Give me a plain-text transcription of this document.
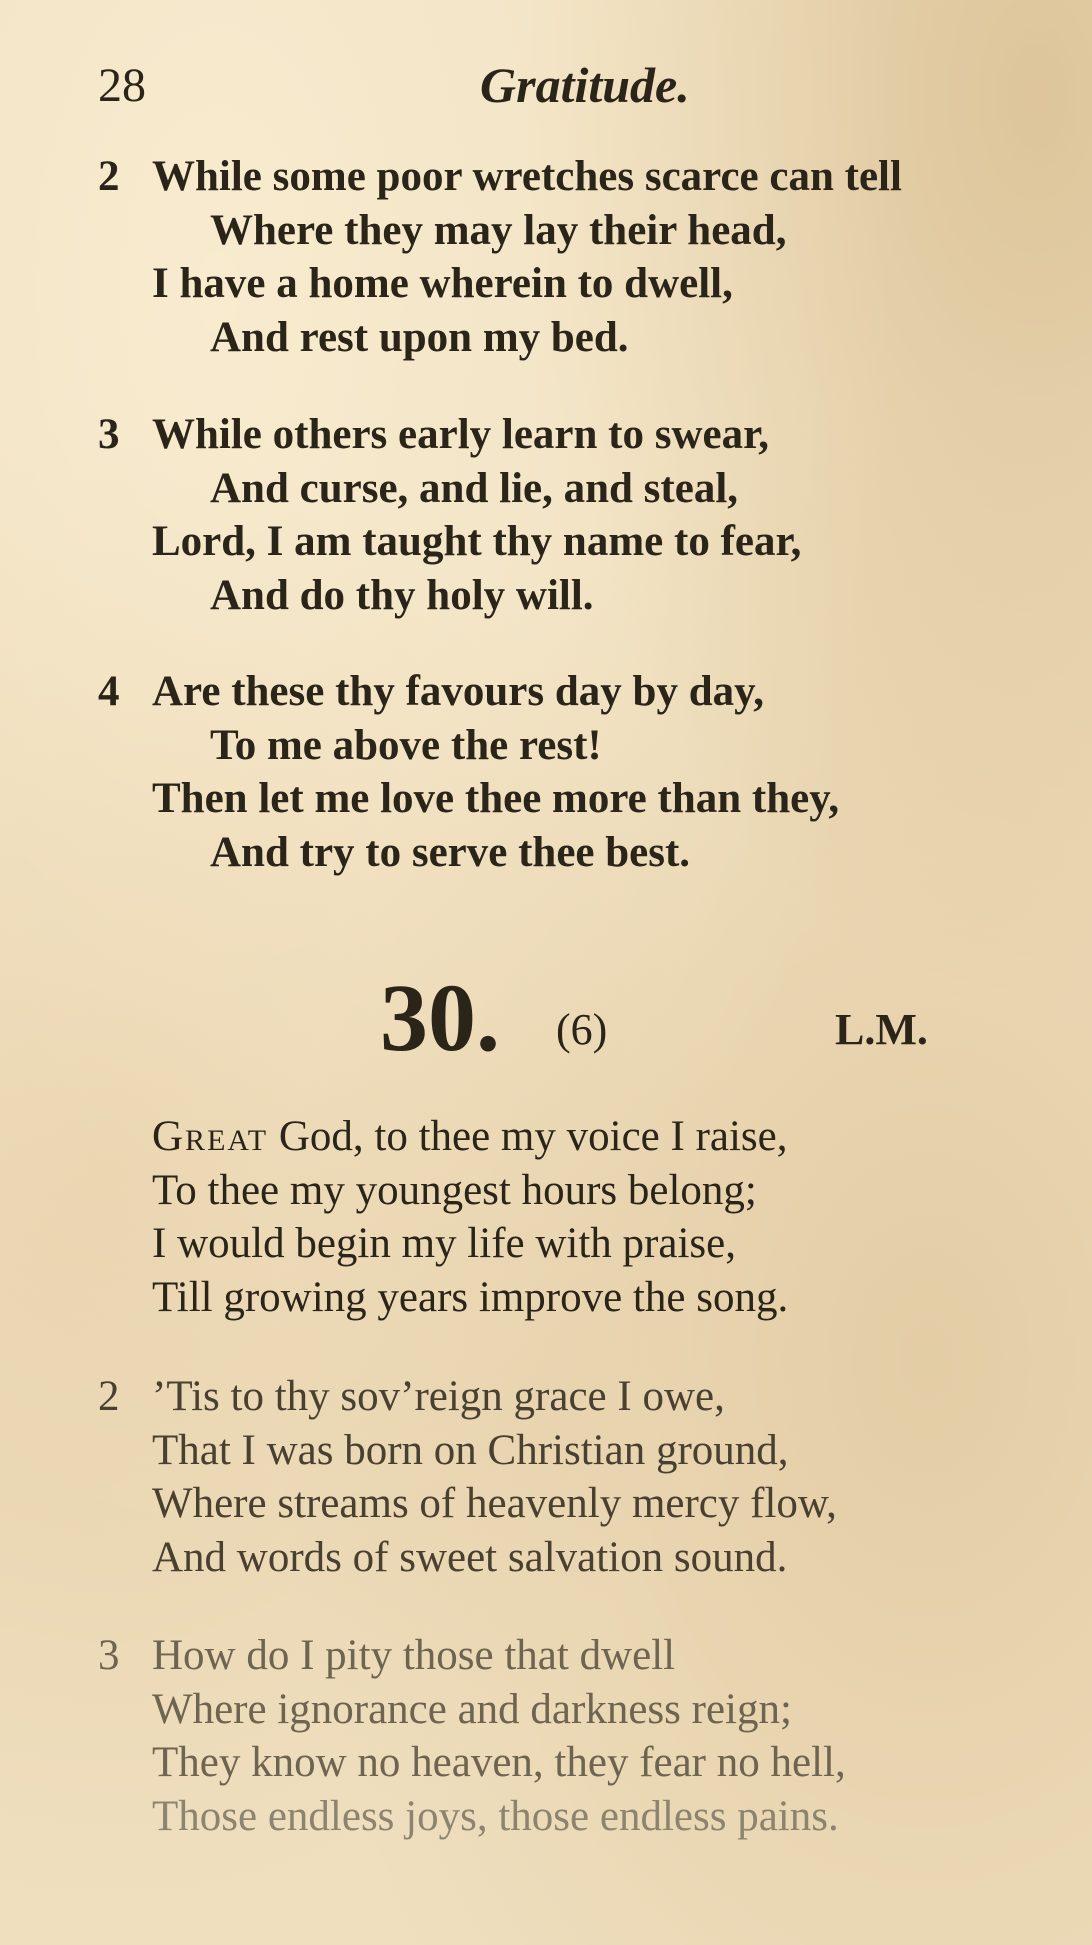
28	Gratitude.
2 While some poor wretches scarce can tell
Where they may lay their head,
I have a home wherein to dwell,
And rest upon my bed.
3 While others early learn to swear,
And curse, and lie, and steal,
Lord, I am taught thy name to fear,
And do thy holy will.
4 Are these thy favours day by day,
To me above the rest!
Then let me love thee more than they,
And try to serve thee best.
30. (6)	L.M.
Great God, to thee my voice I raise,
To thee my youngest hours belong;
I would begin my life with praise,
Till growing years improve the song.
2 ’Tis to thy sov’reign grace I owe,
That I was born on Christian ground,
Where streams of heavenly mercy flow,
And words of sweet salvation sound.
3 How do I pity those that dwell
Where ignorance and darkness reign;
They know no heaven, they fear no hell,
Those endless joys, those endless pains.
